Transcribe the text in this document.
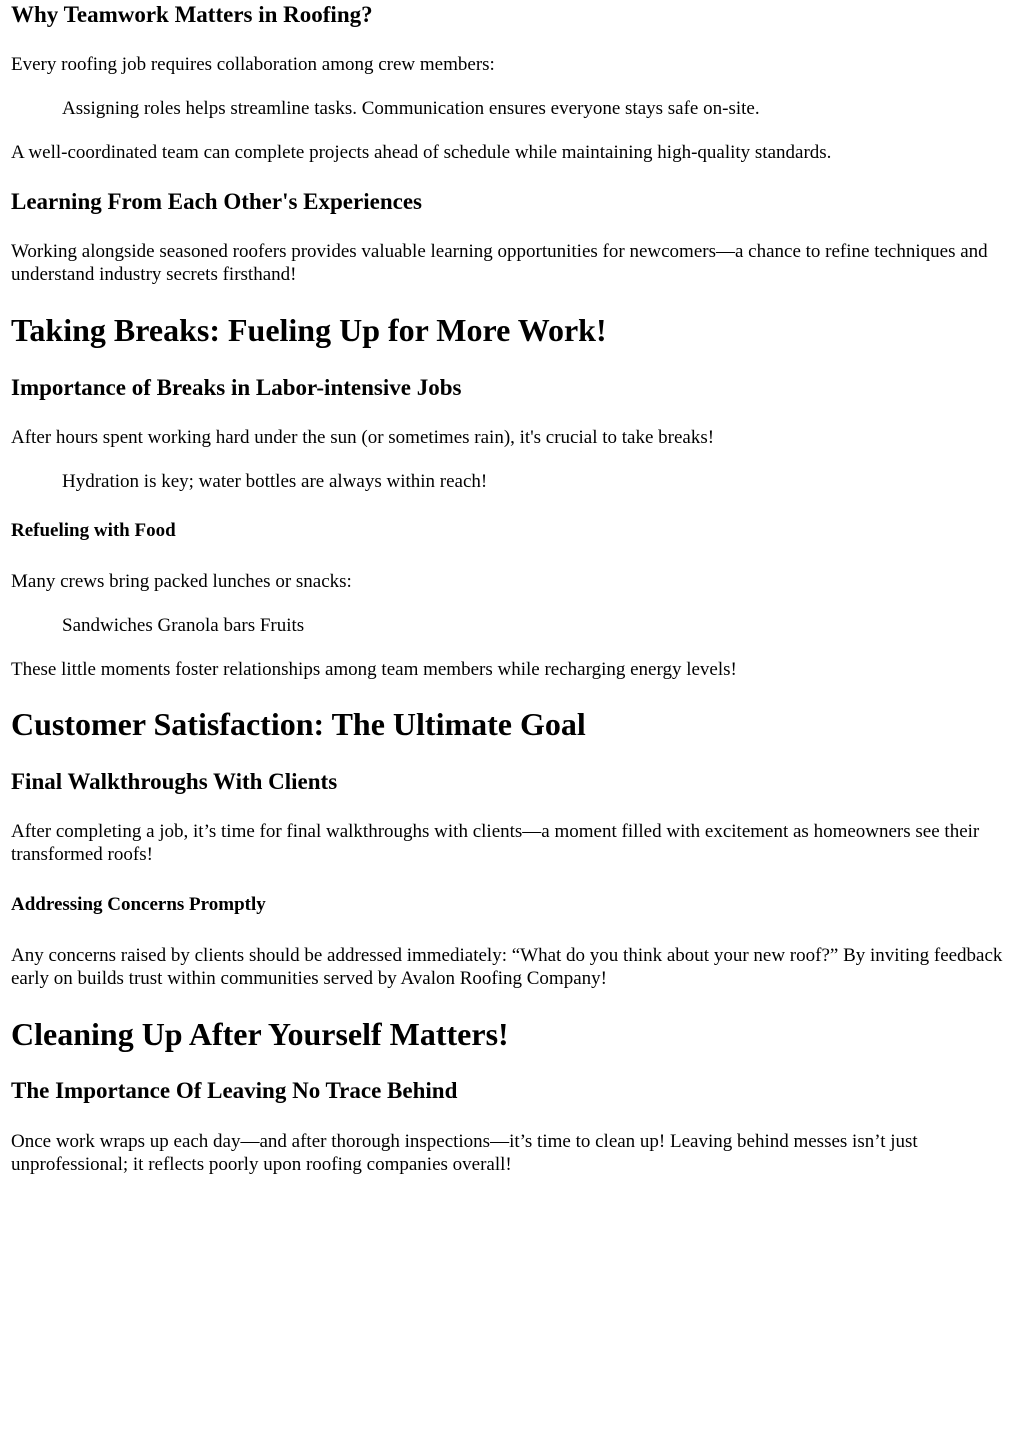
Why Teamwork Matters in Roofing?

Every roofing job requires collaboration among crew members:

Assigning roles helps streamline tasks. Communication ensures everyone stays safe on-site.

A well-coordinated team can complete projects ahead of schedule while maintaining high-quality standards.

Learning From Each Other's Experiences

Working alongside seasoned roofers provides valuable learning opportunities for newcomers—a chance to refine techniques and understand industry secrets firsthand!

Taking Breaks: Fueling Up for More Work!
Importance of Breaks in Labor-intensive Jobs

After hours spent working hard under the sun (or sometimes rain), it's crucial to take breaks!

Hydration is key; water bottles are always within reach!

Refueling with Food

Many crews bring packed lunches or snacks:

Sandwiches Granola bars Fruits

These little moments foster relationships among team members while recharging energy levels!

Customer Satisfaction: The Ultimate Goal
Final Walkthroughs With Clients

After completing a job, it’s time for final walkthroughs with clients—a moment filled with excitement as homeowners see their transformed roofs!

Addressing Concerns Promptly

Any concerns raised by clients should be addressed immediately: “What do you think about your new roof?” By inviting feedback early on builds trust within communities served by Avalon Roofing Company!

Cleaning Up After Yourself Matters!
The Importance Of Leaving No Trace Behind

Once work wraps up each day—and after thorough inspections—it’s time to clean up! Leaving behind messes isn’t just unprofessional; it reflects poorly upon roofing companies overall!
